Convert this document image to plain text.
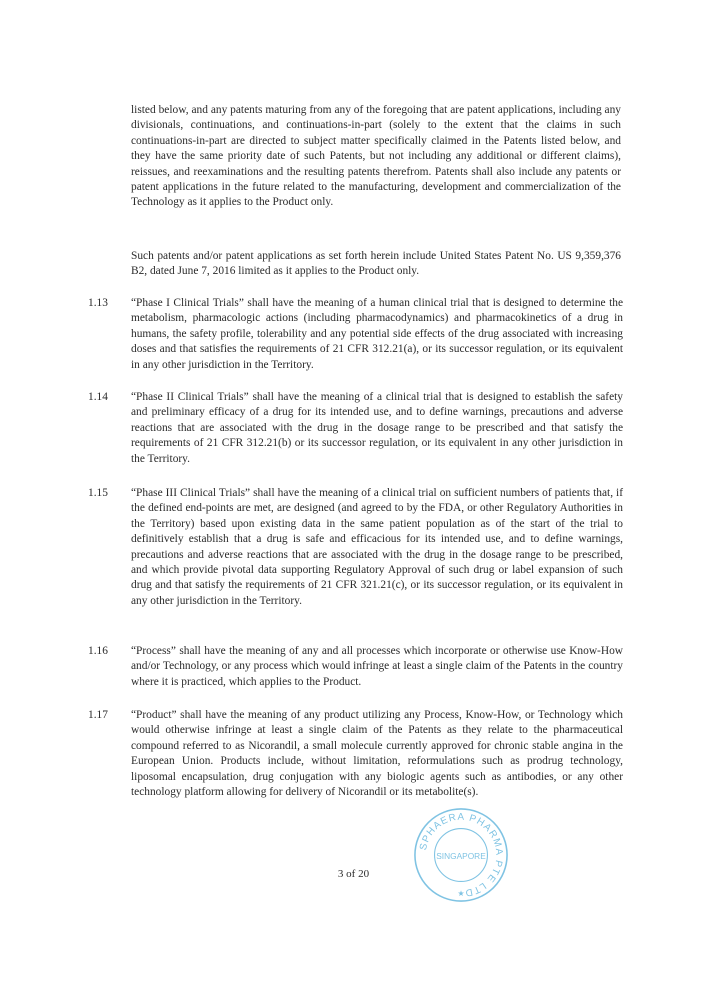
listed below, and any patents maturing from any of the foregoing that are patent applications, including any divisionals, continuations, and continuations-in-part (solely to the extent that the claims in such continuations-in-part are directed to subject matter specifically claimed in the Patents listed below, and they have the same priority date of such Patents, but not including any additional or different claims), reissues, and reexaminations and the resulting patents therefrom. Patents shall also include any patents or patent applications in the future related to the manufacturing, development and commercialization of the Technology as it applies to the Product only.

Such patents and/or patent applications as set forth herein include United States Patent No. US 9,359,376 B2, dated June 7, 2016 limited as it applies to the Product only.

1.13 “Phase I Clinical Trials” shall have the meaning of a human clinical trial that is designed to determine the metabolism, pharmacologic actions (including pharmacodynamics) and pharmacokinetics of a drug in humans, the safety profile, tolerability and any potential side effects of the drug associated with increasing doses and that satisfies the requirements of 21 CFR 312.21(a), or its successor regulation, or its equivalent in any other jurisdiction in the Territory.
1.14 “Phase II Clinical Trials” shall have the meaning of a clinical trial that is designed to establish the safety and preliminary efficacy of a drug for its intended use, and to define warnings, precautions and adverse reactions that are associated with the drug in the dosage range to be prescribed and that satisfy the requirements of 21 CFR 312.21(b) or its successor regulation, or its equivalent in any other jurisdiction in the Territory.
1.15 “Phase III Clinical Trials” shall have the meaning of a clinical trial on sufficient numbers of patients that, if the defined end-points are met, are designed (and agreed to by the FDA, or other Regulatory Authorities in the Territory) based upon existing data in the same patient population as of the start of the trial to definitively establish that a drug is safe and efficacious for its intended use, and to define warnings, precautions and adverse reactions that are associated with the drug in the dosage range to be prescribed, and which provide pivotal data supporting Regulatory Approval of such drug or label expansion of such drug and that satisfy the requirements of 21 CFR 321.21(c), or its successor regulation, or its equivalent in any other jurisdiction in the Territory.
1.16 “Process” shall have the meaning of any and all processes which incorporate or otherwise use Know-How and/or Technology, or any process which would infringe at least a single claim of the Patents in the country where it is practiced, which applies to the Product.
1.17 “Product” shall have the meaning of any product utilizing any Process, Know-How, or Technology which would otherwise infringe at least a single claim of the Patents as they relate to the pharmaceutical compound referred to as Nicorandil, a small molecule currently approved for chronic stable angina in the European Union. Products include, without limitation, reformulations such as prodrug technology, liposomal encapsulation, drug conjugation with any biologic agents such as antibodies, or any other technology platform allowing for delivery of Nicorandil or its metabolite(s).
3 of 20
SPHAERA PHARMA PTE LTD
SINGAPORE
★
